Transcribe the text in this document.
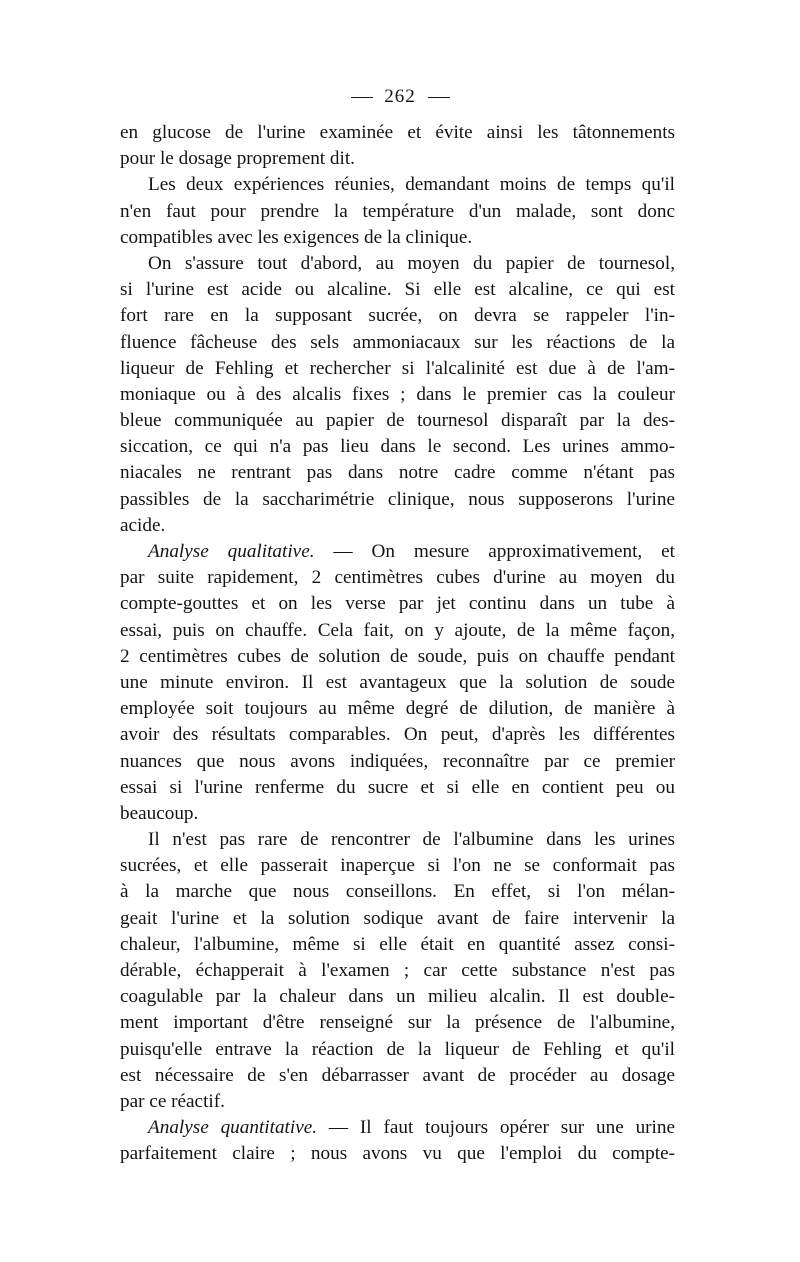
262
en glucose de l'urine examinée et évite ainsi les tâtonnements
pour le dosage proprement dit.
Les deux expériences réunies, demandant moins de temps qu'il
n'en faut pour prendre la température d'un malade, sont donc
compatibles avec les exigences de la clinique.
On s'assure tout d'abord, au moyen du papier de tournesol,
si l'urine est acide ou alcaline. Si elle est alcaline, ce qui est
fort rare en la supposant sucrée, on devra se rappeler l'in-
fluence fâcheuse des sels ammoniacaux sur les réactions de la
liqueur de Fehling et rechercher si l'alcalinité est due à de l'am-
moniaque ou à des alcalis fixes ; dans le premier cas la couleur
bleue communiquée au papier de tournesol disparaît par la des-
siccation, ce qui n'a pas lieu dans le second. Les urines ammo-
niacales ne rentrant pas dans notre cadre comme n'étant pas
passibles de la saccharimétrie clinique, nous supposerons l'urine
acide.
Analyse qualitative. — On mesure approximativement, et
par suite rapidement, 2 centimètres cubes d'urine au moyen du
compte-gouttes et on les verse par jet continu dans un tube à
essai, puis on chauffe. Cela fait, on y ajoute, de la même façon,
2 centimètres cubes de solution de soude, puis on chauffe pendant
une minute environ. Il est avantageux que la solution de soude
employée soit toujours au même degré de dilution, de manière à
avoir des résultats comparables. On peut, d'après les différentes
nuances que nous avons indiquées, reconnaître par ce premier
essai si l'urine renferme du sucre et si elle en contient peu ou
beaucoup.
Il n'est pas rare de rencontrer de l'albumine dans les urines
sucrées, et elle passerait inaperçue si l'on ne se conformait pas
à la marche que nous conseillons. En effet, si l'on mélan-
geait l'urine et la solution sodique avant de faire intervenir la
chaleur, l'albumine, même si elle était en quantité assez consi-
dérable, échapperait à l'examen ; car cette substance n'est pas
coagulable par la chaleur dans un milieu alcalin. Il est double-
ment important d'être renseigné sur la présence de l'albumine,
puisqu'elle entrave la réaction de la liqueur de Fehling et qu'il
est nécessaire de s'en débarrasser avant de procéder au dosage
par ce réactif.
Analyse quantitative. — Il faut toujours opérer sur une urine
parfaitement claire ; nous avons vu que l'emploi du compte-
